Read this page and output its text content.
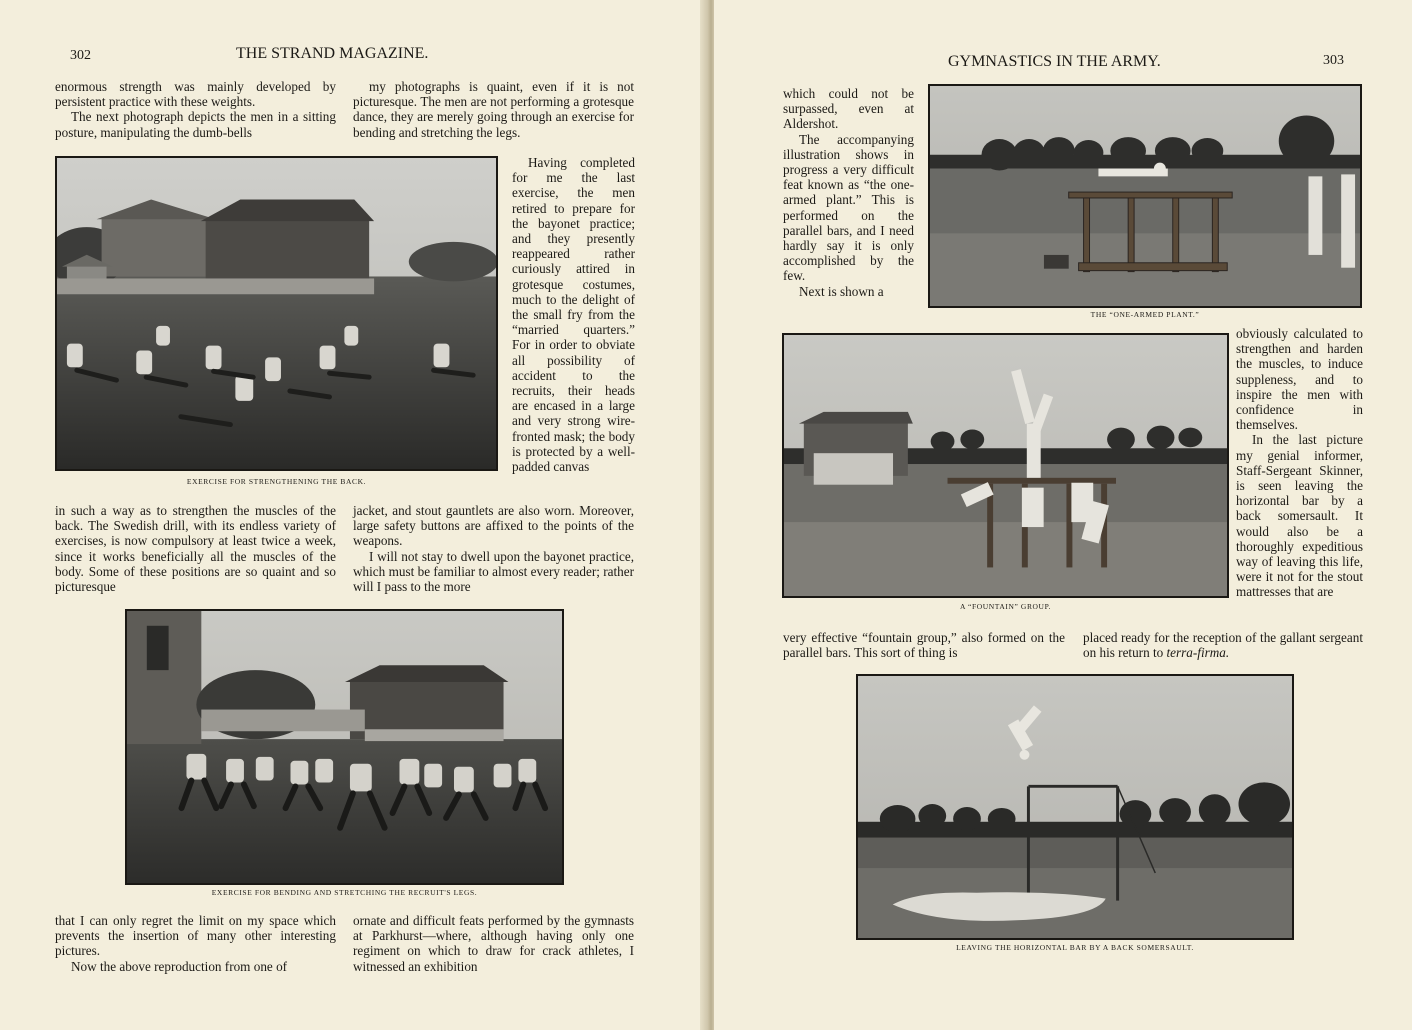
302	THE STRAND MAGAZINE.

enormous strength was mainly developed by persistent practice with these weights.

The next photograph depicts the men in a sitting posture, manipulating the dumb-bells

my photographs is quaint, even if it is not picturesque. The men are not performing a grotesque dance, they are merely going through an exercise for bending and stretching the legs.
Having completed for me the last exercise, the men retired to prepare for the bayonet practice; and they presently reappeared rather curiously attired in grotesque costumes, much to the delight of the small fry from the “married quarters.” For in order to obviate all possibility of accident to the recruits, their heads are encased in a large and very strong wire-fronted mask; the body is protected by a well-padded canvas
EXERCISE FOR STRENGTHENING THE BACK.
in such a way as to strengthen the muscles of the back. The Swedish drill, with its endless variety of exercises, is now compulsory at least twice a week, since it works beneficially all the muscles of the body. Some of these positions are so quaint and so picturesque

jacket, and stout gauntlets are also worn. Moreover, large safety buttons are affixed to the points of the weapons.

I will not stay to dwell upon the bayonet practice, which must be familiar to almost every reader; rather will I pass to the more

EXERCISE FOR BENDING AND STRETCHING THE RECRUIT'S LEGS.

that I can only regret the limit on my space which prevents the insertion of many other interesting pictures.

Now the above reproduction from one of

ornate and difficult feats performed by the gymnasts at Parkhurst—where, although having only one regiment on which to draw for crack athletes, I witnessed an exhibition
GYMNASTICS IN THE ARMY.	303

which could not be surpassed, even at Aldershot.

The accompanying illustration shows in progress a very difficult feat known as “the one-armed plant.” This is performed on the parallel bars, and I need hardly say it is only accomplished by the few.

Next is shown a

THE “ONE-ARMED PLANT.”
A “FOUNTAIN” GROUP.

obviously calculated to strengthen and harden the muscles, to induce suppleness, and to inspire the men with confidence in themselves.

In the last picture my genial informer, Staff-Sergeant Skinner, is seen leaving the horizontal bar by a back somersault. It would also be a thoroughly expeditious way of leaving this life, were it not for the stout mattresses that are

very effective “fountain group,” also formed on the parallel bars. This sort of thing is
placed ready for the reception of the gallant sergeant on his return to terra-firma.
LEAVING THE HORIZONTAL BAR BY A BACK SOMERSAULT.
